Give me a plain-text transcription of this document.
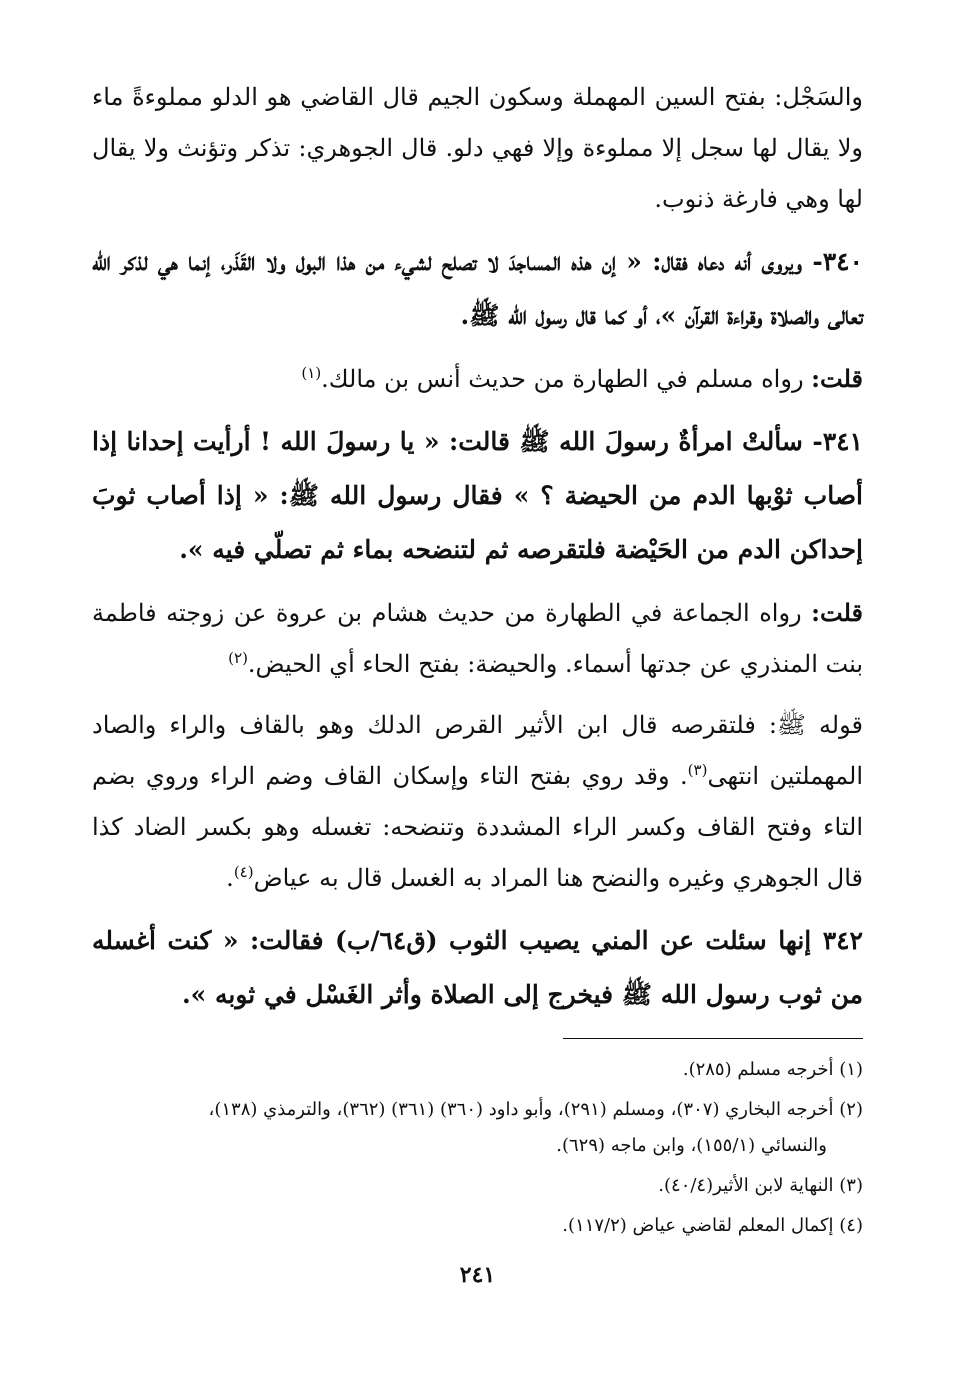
والسَجْل: بفتح السين المهملة وسكون الجيم قال القاضي هو الدلو مملوءةً ماء ولا يقال لها سجل إلا مملوءة وإلا فهي دلو. قال الجوهري: تذكر وتؤنث ولا يقال لها وهي فارغة ذنوب.

٣٤٠- ويروى أنه دعاه فقال: « إن هذه المساجدَ لا تصلح لشيء من هذا البول ولا القَذَر، إنما هي لذكر الله تعالى والصلاة وقراءة القرآن »، أو كما قال رسول الله ﷺ.

قلت: رواه مسلم في الطهارة من حديث أنس بن مالك.$^{(١)}$

٣٤١- سألتْ امرأةٌ رسولَ الله ﷺ قالت: « يا رسولَ الله ! أرأيت إحدانا إذا أصاب ثوْبها الدم من الحيضة ؟ » فقال رسول الله ﷺ: « إذا أصاب ثوبَ إحداكن الدم من الحَيْضة فلتقرصه ثم لتنضحه بماء ثم تصلّي فيه ».

قلت: رواه الجماعة في الطهارة من حديث هشام بن عروة عن زوجته فاطمة بنت المنذري عن جدتها أسماء. والحيضة: بفتح الحاء أي الحيض.$^{(٢)}$

قوله ﷺ: فلتقرصه قال ابن الأثير القرص الدلك وهو بالقاف والراء والصاد المهملتين انتهى$^{(٣)}$. وقد روي بفتح التاء وإسكان القاف وضم الراء وروي بضم التاء وفتح القاف وكسر الراء المشددة وتنضحه: تغسله وهو بكسر الضاد كذا قال الجوهري وغيره والنضح هنا المراد به الغسل قال به عياض$^{(٤)}$.

٣٤٢ إنها سئلت عن المني يصيب الثوب (ق٦٤/ب) فقالت: « كنت أغسله من ثوب رسول الله ﷺ فيخرج إلى الصلاة وأثر الغَسْل في ثوبه ».

(١) أخرجه مسلم (٢٨٥).
(٢) أخرجه البخاري (٣٠٧)، ومسلم (٢٩١)، وأبو داود (٣٦٠) (٣٦١) (٣٦٢)، والترمذي (١٣٨)،
والنسائي (١٥٥/١)، وابن ماجه (٦٢٩).
(٣) النهاية لابن الأثير(٤٠/٤).
(٤) إكمال المعلم لقاضي عياض (١١٧/٢).
٢٤١
